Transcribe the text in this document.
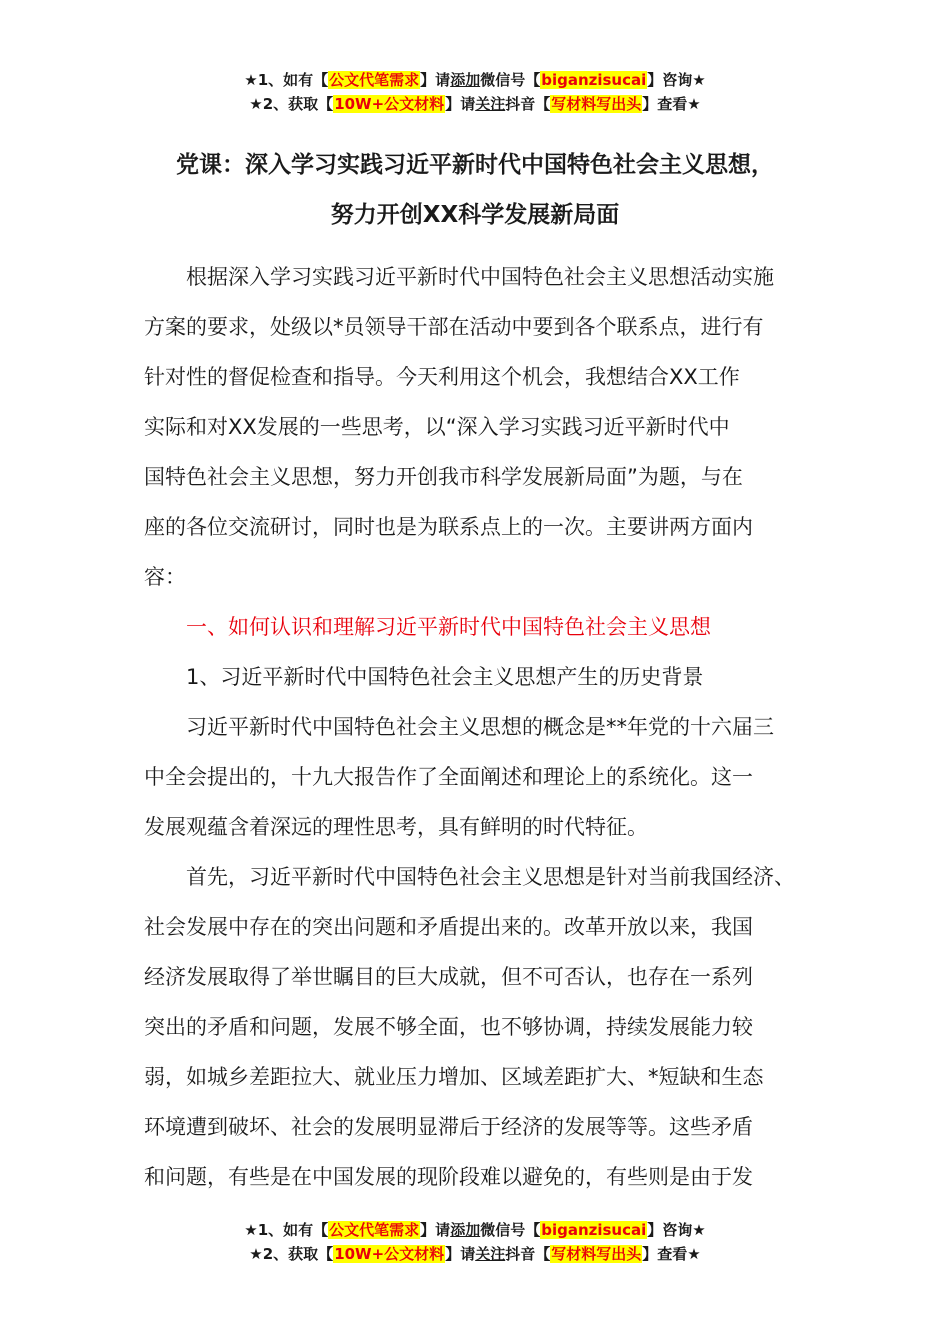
★1、如有【公文代笔需求】请添加微信号【biganzisucai】咨询★
★2、获取【10W+公文材料】请关注抖音【写材料写出头】查看★
党课：深入学习实践习近平新时代中国特色社会主义思想，
努力开创XX科学发展新局面
　　根据深入学习实践习近平新时代中国特色社会主义思想活动实施
方案的要求，处级以*员领导干部在活动中要到各个联系点，进行有
针对性的督促检查和指导。今天利用这个机会，我想结合XX工作
实际和对XX发展的一些思考，以“深入学习实践习近平新时代中
国特色社会主义思想，努力开创我市科学发展新局面”为题，与在
座的各位交流研讨，同时也是为联系点上的一次。主要讲两方面内
容：
　　一、如何认识和理解习近平新时代中国特色社会主义思想
　　1、习近平新时代中国特色社会主义思想产生的历史背景
　　习近平新时代中国特色社会主义思想的概念是**年党的十六届三
中全会提出的，十九大报告作了全面阐述和理论上的系统化。这一
发展观蕴含着深远的理性思考，具有鲜明的时代特征。
　　首先，习近平新时代中国特色社会主义思想是针对当前我国经济、
社会发展中存在的突出问题和矛盾提出来的。改革开放以来，我国
经济发展取得了举世瞩目的巨大成就，但不可否认，也存在一系列
突出的矛盾和问题，发展不够全面，也不够协调，持续发展能力较
弱，如城乡差距拉大、就业压力增加、区域差距扩大、*短缺和生态
环境遭到破坏、社会的发展明显滞后于经济的发展等等。这些矛盾
和问题，有些是在中国发展的现阶段难以避免的，有些则是由于发
★1、如有【公文代笔需求】请添加微信号【biganzisucai】咨询★
★2、获取【10W+公文材料】请关注抖音【写材料写出头】查看★
